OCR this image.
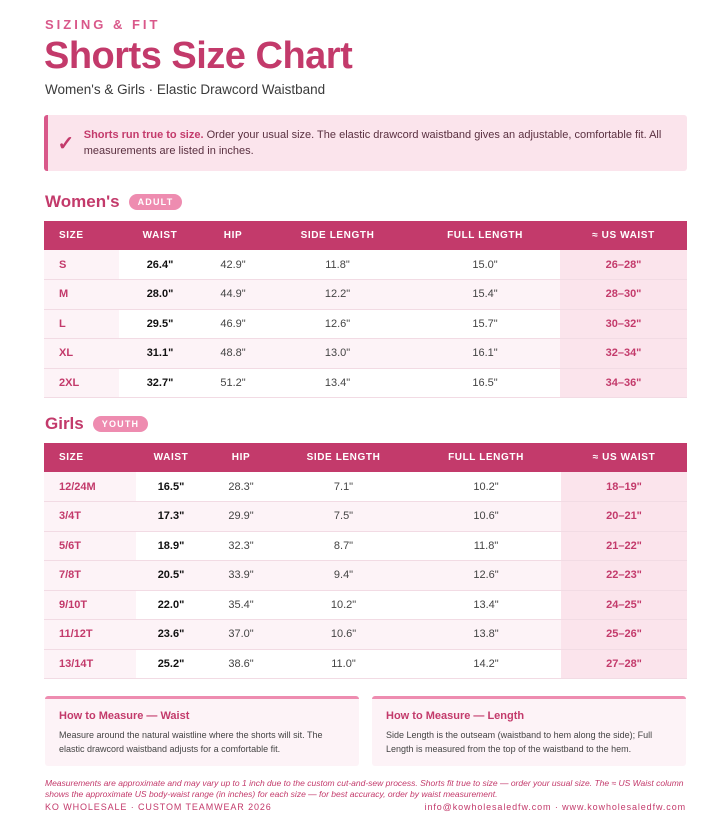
SIZING & FIT
Shorts Size Chart
Women's & Girls · Elastic Drawcord Waistband
✓ Shorts run true to size. Order your usual size. The elastic drawcord waistband gives an adjustable, comfortable fit. All measurements are listed in inches.
Women's	ADULT
SIZE	WAIST	HIP	SIDE LENGTH	FULL LENGTH	≈ US WAIST
S	26.4"	42.9"	11.8"	15.0"	26–28"
M	28.0"	44.9"	12.2"	15.4"	28–30"
L	29.5"	46.9"	12.6"	15.7"	30–32"
XL	31.1"	48.8"	13.0"	16.1"	32–34"
2XL	32.7"	51.2"	13.4"	16.5"	34–36"
Girls	YOUTH
SIZE	WAIST	HIP	SIDE LENGTH	FULL LENGTH	≈ US WAIST
12/24M	16.5"	28.3"	7.1"	10.2"	18–19"
3/4T	17.3"	29.9"	7.5"	10.6"	20–21"
5/6T	18.9"	32.3"	8.7"	11.8"	21–22"
7/8T	20.5"	33.9"	9.4"	12.6"	22–23"
9/10T	22.0"	35.4"	10.2"	13.4"	24–25"
11/12T	23.6"	37.0"	10.6"	13.8"	25–26"
13/14T	25.2"	38.6"	11.0"	14.2"	27–28"
How to Measure — Waist
Measure around the natural waistline where the shorts will sit. The elastic drawcord waistband adjusts for a comfortable fit.
How to Measure — Length
Side Length is the outseam (waistband to hem along the side); Full Length is measured from the top of the waistband to the hem.
Measurements are approximate and may vary up to 1 inch due to the custom cut-and-sew process. Shorts fit true to size — order your usual size. The ≈ US Waist column shows the approximate US body-waist range (in inches) for each size — for best accuracy, order by waist measurement.
KO WHOLESALE · CUSTOM TEAMWEAR 2026	info@kowholesaledfw.com · www.kowholesaledfw.com
